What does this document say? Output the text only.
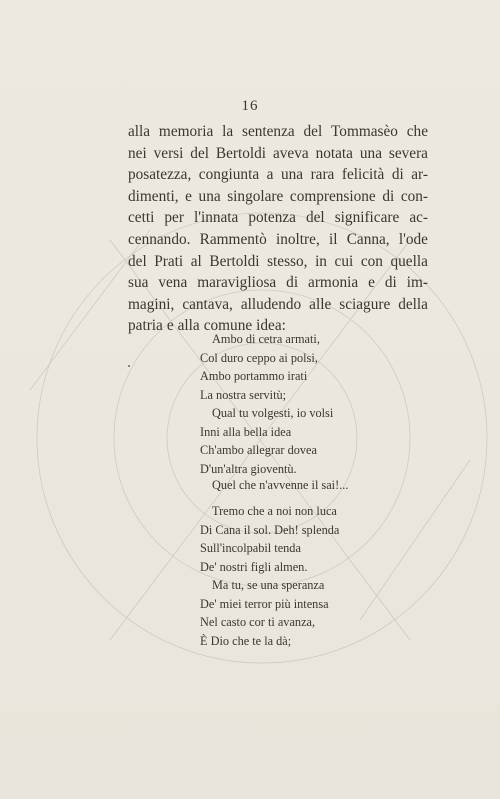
16
alla memoria la sentenza del Tommasèo che
nei versi del Bertoldi aveva notata una severa
posatezza, congiunta a una rara felicità di ar-
dimenti, e una singolare comprensione di con-
cetti per l'innata potenza del significare ac-
cennando. Rammentò inoltre, il Canna, l'ode
del Prati al Bertoldi stesso, in cui con quella
sua vena maravigliosa di armonia e di im-
magini, cantava, alludendo alle sciagure della
patria e alla comune idea:
Ambo di cetra armati,
Col duro ceppo ai polsi,
Ambo portammo irati
La nostra servitù;
Qual tu volgesti, io volsi
Inni alla bella idea
Ch'ambo allegrar dovea
D'un'altra gioventù.
Quel che n'avvenne il sai!...
Tremo che a noi non luca
Di Cana il sol. Deh! splenda
Sull'incolpabil tenda
De' nostri figli almen.
Ma tu, se una speranza
De' miei terror più intensa
Nel casto cor ti avanza,
È Dio che te la dà;
